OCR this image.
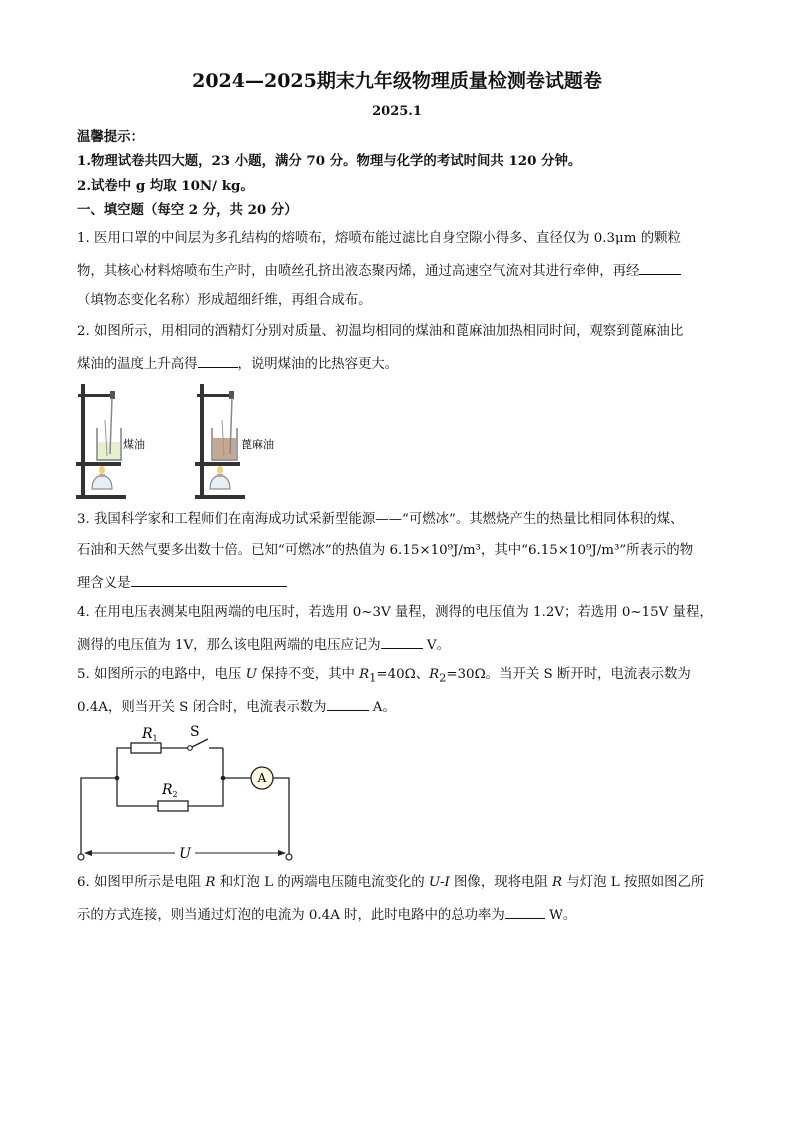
2024—2025期末九年级物理质量检测卷试题卷
2025.1
温馨提示：
1.物理试卷共四大题，23 小题，满分 70 分。物理与化学的考试时间共 120 分钟。
2.试卷中 g 均取 10N/ kg。
一、填空题（每空 2 分，共 20 分）
1. 医用口罩的中间层为多孔结构的熔喷布，熔喷布能过滤比自身空隙小得多、直径仅为 0.3μm 的颗粒
物，其核心材料熔喷布生产时，由喷丝孔挤出液态聚丙烯，通过高速空气流对其进行牵伸，再经
（填物态变化名称）形成超细纤维，再组合成布。
2. 如图所示，用相同的酒精灯分别对质量、初温均相同的煤油和蓖麻油加热相同时间，观察到蓖麻油比
煤油的温度上升高得	，说明煤油的比热容更大。
煤油	蓖麻油
3. 我国科学家和工程师们在南海成功试采新型能源——“可燃冰”。其燃烧产生的热量比相同体积的煤、
石油和天然气要多出数十倍。已知“可燃冰”的热值为 6.15×10⁹J/m³，其中“6.15×10⁹J/m³”所表示的物
理含义是
4. 在用电压表测某电阻两端的电压时，若选用 0~3V 量程，测得的电压值为 1.2V；若选用 0~15V 量程，
测得的电压值为 1V，那么该电阻两端的电压应记为	V。
5. 如图所示的电路中，电压 U 保持不变，其中 $R_1=40\Omega$、$R_2=30\Omega$。当开关 S 断开时，电流表示数为
0.4A，则当开关 S 闭合时，电流表示数为	A。
A
U
$R_1$ S
$R_2$
6. 如图甲所示是电阻 R 和灯泡 L 的两端电压随电流变化的 U-I 图像，现将电阻 R 与灯泡 L 按照如图乙所
示的方式连接，则当通过灯泡的电流为 0.4A 时，此时电路中的总功率为	W。
